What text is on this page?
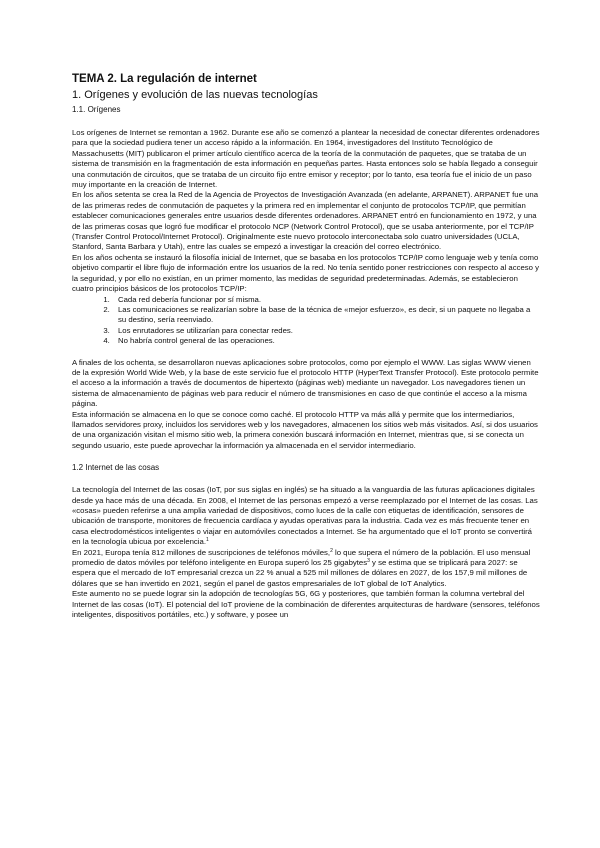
TEMA 2. La regulación de internet
1. Orígenes y evolución de las nuevas tecnologías
1.1. Orígenes

Los orígenes de Internet se remontan a 1962. Durante ese año se comenzó a plantear la necesidad de conectar diferentes ordenadores para que la sociedad pudiera tener un acceso rápido a la información. En 1964, investigadores del Instituto Tecnológico de Massachusetts (MIT) publicaron el primer artículo científico acerca de la teoría de la conmutación de paquetes, que se trataba de un sistema de transmisión en la fragmentación de esta información en pequeñas partes. Hasta entonces solo se había llegado a conseguir una conmutación de circuitos, que se trataba de un circuito fijo entre emisor y receptor; por lo tanto, esa teoría fue el inicio de un paso muy importante en la creación de Internet.

En los años setenta se crea la Red de la Agencia de Proyectos de Investigación Avanzada (en adelante, ARPANET). ARPANET fue una de las primeras redes de conmutación de paquetes y la primera red en implementar el conjunto de protocolos TCP/IP, que permitían establecer comunicaciones generales entre usuarios desde diferentes ordenadores. ARPANET entró en funcionamiento en 1972, y una de las primeras cosas que logró fue modificar el protocolo NCP (Network Control Protocol), que se usaba anteriormente, por el TCP/IP (Transfer Control Protocol/Internet Protocol). Originalmente este nuevo protocolo interconectaba solo cuatro universidades (UCLA, Stanford, Santa Barbara y Utah), entre las cuales se empezó a investigar la creación del correo electrónico.

En los años ochenta se instauró la filosofía inicial de Internet, que se basaba en los protocolos TCP/IP como lenguaje web y tenía como objetivo compartir el libre flujo de información entre los usuarios de la red. No tenía sentido poner restricciones con respecto al acceso y la seguridad, y por ello no existían, en un primer momento, las medidas de seguridad predeterminadas. Además, se establecieron cuatro principios básicos de los protocolos TCP/IP:

1. Cada red debería funcionar por sí misma.
2. Las comunicaciones se realizarían sobre la base de la técnica de «mejor esfuerzo», es decir, si un paquete no llegaba a su destino, sería reenviado.
3. Los enrutadores se utilizarían para conectar redes.
4. No habría control general de las operaciones.

A finales de los ochenta, se desarrollaron nuevas aplicaciones sobre protocolos, como por ejemplo el WWW. Las siglas WWW vienen de la expresión World Wide Web, y la base de este servicio fue el protocolo HTTP (HyperText Transfer Protocol). Este protocolo permite el acceso a la información a través de documentos de hipertexto (páginas web) mediante un navegador. Los navegadores tienen un sistema de almacenamiento de páginas web para reducir el número de transmisiones en caso de que continúe el acceso a la misma página.

Esta información se almacena en lo que se conoce como caché. El protocolo HTTP va más allá y permite que los intermediarios, llamados servidores proxy, incluidos los servidores web y los navegadores, almacenen los sitios web más visitados. Así, si dos usuarios de una organización visitan el mismo sitio web, la primera conexión buscará información en Internet, mientras que, si se conecta un segundo usuario, este puede aprovechar la información ya almacenada en el servidor intermediario.

1.2 Internet de las cosas

La tecnología del Internet de las cosas (IoT, por sus siglas en inglés) se ha situado a la vanguardia de las futuras aplicaciones digitales desde ya hace más de una década. En 2008, el Internet de las personas empezó a verse reemplazado por el Internet de las cosas. Las «cosas» pueden referirse a una amplia variedad de dispositivos, como luces de la calle con etiquetas de identificación, sensores de ubicación de transporte, monitores de frecuencia cardíaca y ayudas operativas para la industria. Cada vez es más frecuente tener en casa electrodomésticos inteligentes o viajar en automóviles conectados a Internet. Se ha argumentado que el IoT pronto se convertirá en la tecnología ubicua por excelencia.$^1$

En 2021, Europa tenía 812 millones de suscripciones de teléfonos móviles,$^2$ lo que supera el número de la población. El uso mensual promedio de datos móviles por teléfono inteligente en Europa superó los 25 gigabytes$^3$ y se estima que se triplicará para 2027: se espera que el mercado de IoT empresarial crezca un 22 % anual a 525 mil millones de dólares en 2027, de los 157,9 mil millones de dólares que se han invertido en 2021, según el panel de gastos empresariales de IoT global de IoT Analytics.

Este aumento no se puede lograr sin la adopción de tecnologías 5G, 6G y posteriores, que también forman la columna vertebral del Internet de las cosas (IoT). El potencial del IoT proviene de la combinación de diferentes arquitecturas de hardware (sensores, teléfonos inteligentes, dispositivos portátiles, etc.) y software, y posee un
